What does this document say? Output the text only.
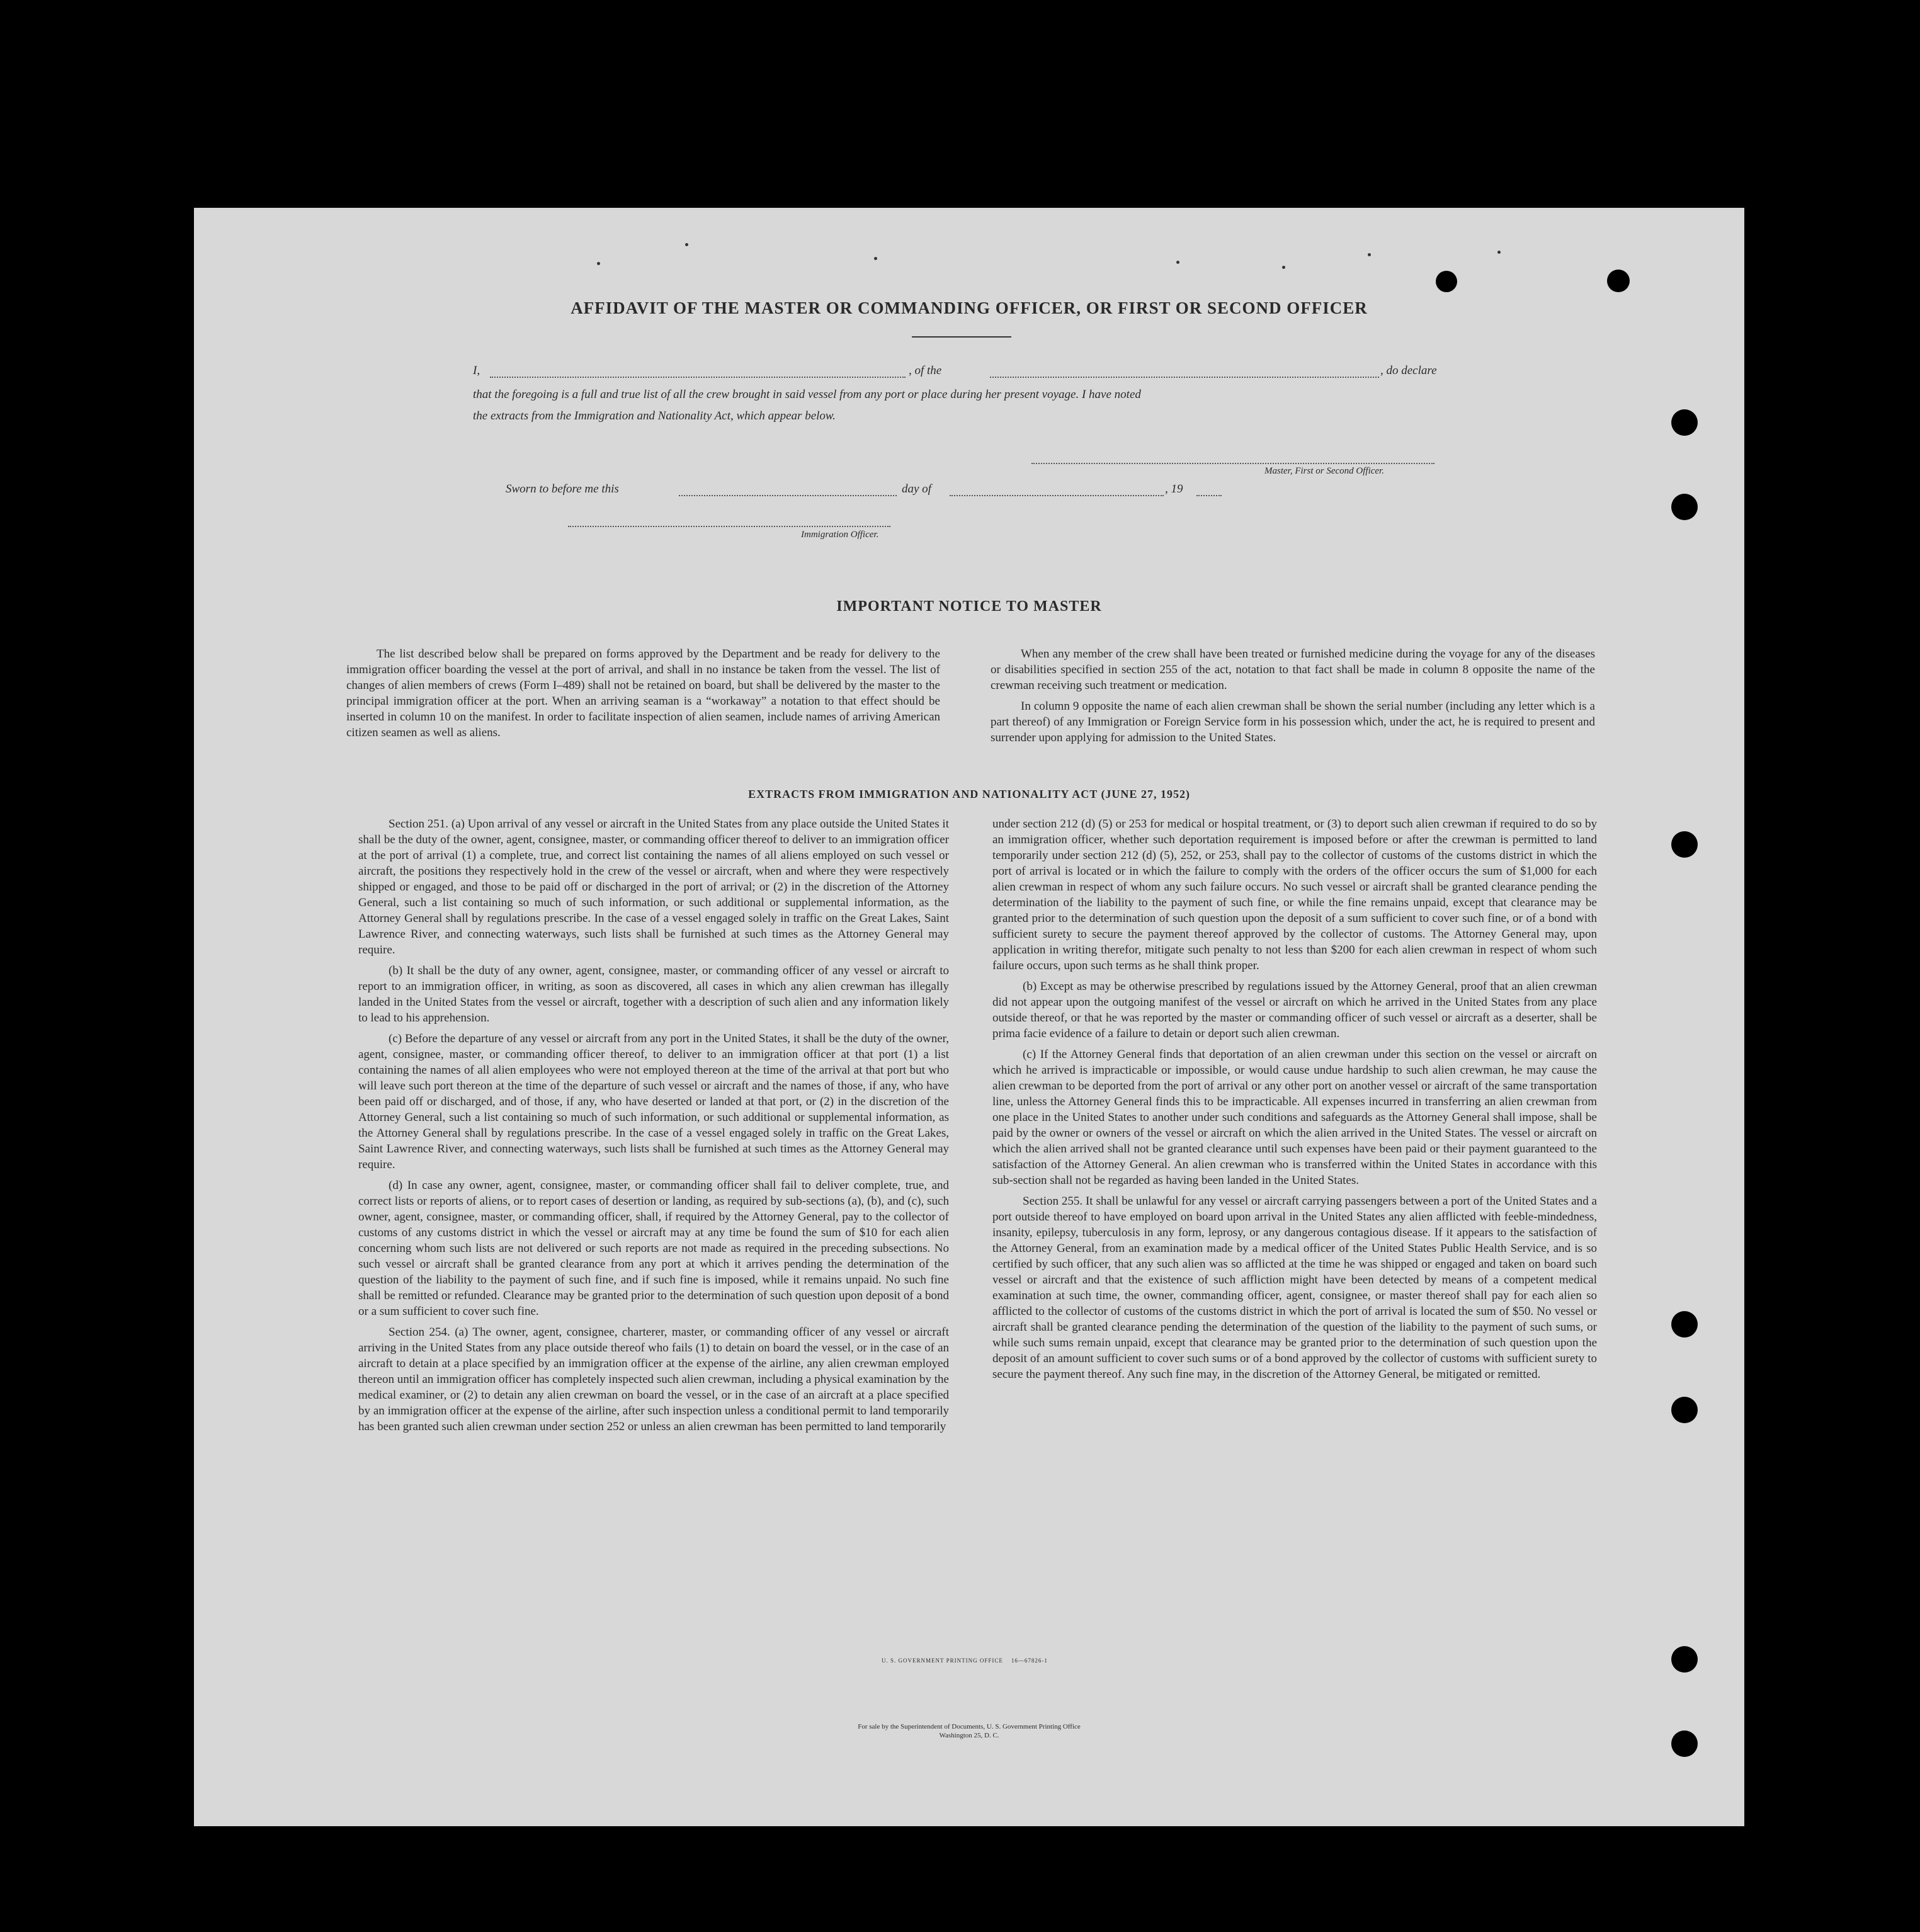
AFFIDAVIT OF THE MASTER OR COMMANDING OFFICER, OR FIRST OR SECOND OFFICER
I,	, of the	, do declare
that the foregoing is a full and true list of all the crew brought in said vessel from any port or place during her present voyage. I have noted
the extracts from the Immigration and Nationality Act, which appear below.
Master, First or Second Officer.
Sworn to before me this	day of	, 19
Immigration Officer.
IMPORTANT NOTICE TO MASTER

The list described below shall be prepared on forms approved by the Department and be ready for delivery to the immigration officer boarding the vessel at the port of arrival, and shall in no instance be taken from the vessel. The list of changes of alien members of crews (Form I–489) shall not be retained on board, but shall be delivered by the master to the principal immigration officer at the port. When an arriving seaman is a “workaway” a notation to that effect should be inserted in column 10 on the manifest. In order to facilitate inspection of alien seamen, include names of arriving American citizen seamen as well as aliens.

When any member of the crew shall have been treated or furnished medicine during the voyage for any of the diseases or disabilities specified in section 255 of the act, notation to that fact shall be made in column 8 opposite the name of the crewman receiving such treatment or medication.

In column 9 opposite the name of each alien crewman shall be shown the serial number (including any letter which is a part thereof) of any Immigration or Foreign Service form in his possession which, under the act, he is required to present and surrender upon applying for admission to the United States.

EXTRACTS FROM IMMIGRATION AND NATIONALITY ACT (JUNE 27, 1952)

Section 251. (a) Upon arrival of any vessel or aircraft in the United States from any place outside the United States it shall be the duty of the owner, agent, consignee, master, or commanding officer thereof to deliver to an immigration officer at the port of arrival (1) a complete, true, and correct list containing the names of all aliens employed on such vessel or aircraft, the positions they respectively hold in the crew of the vessel or aircraft, when and where they were respectively shipped or engaged, and those to be paid off or discharged in the port of arrival; or (2) in the discretion of the Attorney General, such a list containing so much of such information, or such additional or supplemental information, as the Attorney General shall by regulations prescribe. In the case of a vessel engaged solely in traffic on the Great Lakes, Saint Lawrence River, and connecting waterways, such lists shall be furnished at such times as the Attorney General may require.

(b) It shall be the duty of any owner, agent, consignee, master, or commanding officer of any vessel or aircraft to report to an immigration officer, in writing, as soon as discovered, all cases in which any alien crewman has illegally landed in the United States from the vessel or aircraft, together with a description of such alien and any information likely to lead to his apprehension.

(c) Before the departure of any vessel or aircraft from any port in the United States, it shall be the duty of the owner, agent, consignee, master, or commanding officer thereof, to deliver to an immigration officer at that port (1) a list containing the names of all alien employees who were not employed thereon at the time of the arrival at that port but who will leave such port thereon at the time of the departure of such vessel or aircraft and the names of those, if any, who have been paid off or discharged, and of those, if any, who have deserted or landed at that port, or (2) in the discretion of the Attorney General, such a list containing so much of such information, or such additional or supplemental information, as the Attorney General shall by regulations prescribe. In the case of a vessel engaged solely in traffic on the Great Lakes, Saint Lawrence River, and connecting waterways, such lists shall be furnished at such times as the Attorney General may require.

(d) In case any owner, agent, consignee, master, or commanding officer shall fail to deliver complete, true, and correct lists or reports of aliens, or to report cases of desertion or landing, as required by sub-sections (a), (b), and (c), such owner, agent, consignee, master, or commanding officer, shall, if required by the Attorney General, pay to the collector of customs of any customs district in which the vessel or aircraft may at any time be found the sum of $10 for each alien concerning whom such lists are not delivered or such reports are not made as required in the preceding subsections. No such vessel or aircraft shall be granted clearance from any port at which it arrives pending the determination of the question of the liability to the payment of such fine, and if such fine is imposed, while it remains unpaid. No such fine shall be remitted or refunded. Clearance may be granted prior to the determination of such question upon deposit of a bond or a sum sufficient to cover such fine.

Section 254. (a) The owner, agent, consignee, charterer, master, or commanding officer of any vessel or aircraft arriving in the United States from any place outside thereof who fails (1) to detain on board the vessel, or in the case of an aircraft to detain at a place specified by an immigration officer at the expense of the airline, any alien crewman employed thereon until an immigration officer has completely inspected such alien crewman, including a physical examination by the medical examiner, or (2) to detain any alien crewman on board the vessel, or in the case of an aircraft at a place specified by an immigration officer at the expense of the airline, after such inspection unless a conditional permit to land temporarily has been granted such alien crewman under section 252 or unless an alien crewman has been permitted to land temporarily

under section 212 (d) (5) or 253 for medical or hospital treatment, or (3) to deport such alien crewman if required to do so by an immigration officer, whether such deportation requirement is imposed before or after the crewman is permitted to land temporarily under section 212 (d) (5), 252, or 253, shall pay to the collector of customs of the customs district in which the port of arrival is located or in which the failure to comply with the orders of the officer occurs the sum of $1,000 for each alien crewman in respect of whom any such failure occurs. No such vessel or aircraft shall be granted clearance pending the determination of the liability to the payment of such fine, or while the fine remains unpaid, except that clearance may be granted prior to the determination of such question upon the deposit of a sum sufficient to cover such fine, or of a bond with sufficient surety to secure the payment thereof approved by the collector of customs. The Attorney General may, upon application in writing therefor, mitigate such penalty to not less than $200 for each alien crewman in respect of whom such failure occurs, upon such terms as he shall think proper.

(b) Except as may be otherwise prescribed by regulations issued by the Attorney General, proof that an alien crewman did not appear upon the outgoing manifest of the vessel or aircraft on which he arrived in the United States from any place outside thereof, or that he was reported by the master or commanding officer of such vessel or aircraft as a deserter, shall be prima facie evidence of a failure to detain or deport such alien crewman.

(c) If the Attorney General finds that deportation of an alien crewman under this section on the vessel or aircraft on which he arrived is impracticable or impossible, or would cause undue hardship to such alien crewman, he may cause the alien crewman to be deported from the port of arrival or any other port on another vessel or aircraft of the same transportation line, unless the Attorney General finds this to be impracticable. All expenses incurred in transferring an alien crewman from one place in the United States to another under such conditions and safeguards as the Attorney General shall impose, shall be paid by the owner or owners of the vessel or aircraft on which the alien arrived in the United States. The vessel or aircraft on which the alien arrived shall not be granted clearance until such expenses have been paid or their payment guaranteed to the satisfaction of the Attorney General. An alien crewman who is transferred within the United States in accordance with this sub-section shall not be regarded as having been landed in the United States.

Section 255. It shall be unlawful for any vessel or aircraft carrying passengers between a port of the United States and a port outside thereof to have employed on board upon arrival in the United States any alien afflicted with feeble-mindedness, insanity, epilepsy, tuberculosis in any form, leprosy, or any dangerous contagious disease. If it appears to the satisfaction of the Attorney General, from an examination made by a medical officer of the United States Public Health Service, and is so certified by such officer, that any such alien was so afflicted at the time he was shipped or engaged and taken on board such vessel or aircraft and that the existence of such affliction might have been detected by means of a competent medical examination at such time, the owner, commanding officer, agent, consignee, or master thereof shall pay for each alien so afflicted to the collector of customs of the customs district in which the port of arrival is located the sum of $50. No vessel or aircraft shall be granted clearance pending the determination of the question of the liability to the payment of such sums, or while such sums remain unpaid, except that clearance may be granted prior to the determination of such question upon the deposit of an amount sufficient to cover such sums or of a bond approved by the collector of customs with sufficient surety to secure the payment thereof. Any such fine may, in the discretion of the Attorney General, be mitigated or remitted.

U. S. GOVERNMENT PRINTING OFFICE    16—67826-1
For sale by the Superintendent of Documents, U. S. Government Printing Office
Washington 25, D. C.
